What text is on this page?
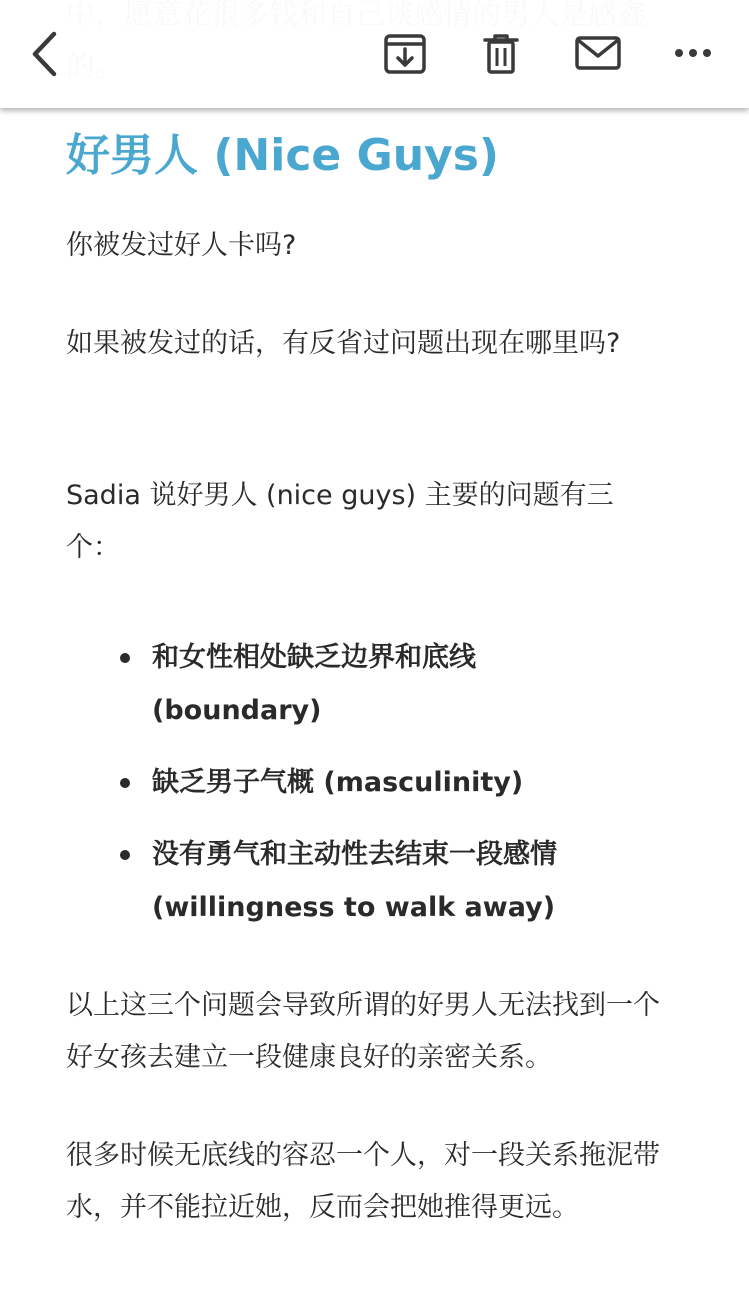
好男人 (Nice Guys)

你被发过好人卡吗?

如果被发过的话，有反省过问题出现在哪里吗?

Sadia 说好男人 (nice guys) 主要的问题有三个：

和女性相处缺乏边界和底线 (boundary)
缺乏男子气概 (masculinity)
没有勇气和主动性去结束一段感情 (willingness to walk away)

以上这三个问题会导致所谓的好男人无法找到一个好女孩去建立一段健康良好的亲密关系。

很多时候无底线的容忍一个人，对一段关系拖泥带水，并不能拉近她，反而会把她推得更远。
